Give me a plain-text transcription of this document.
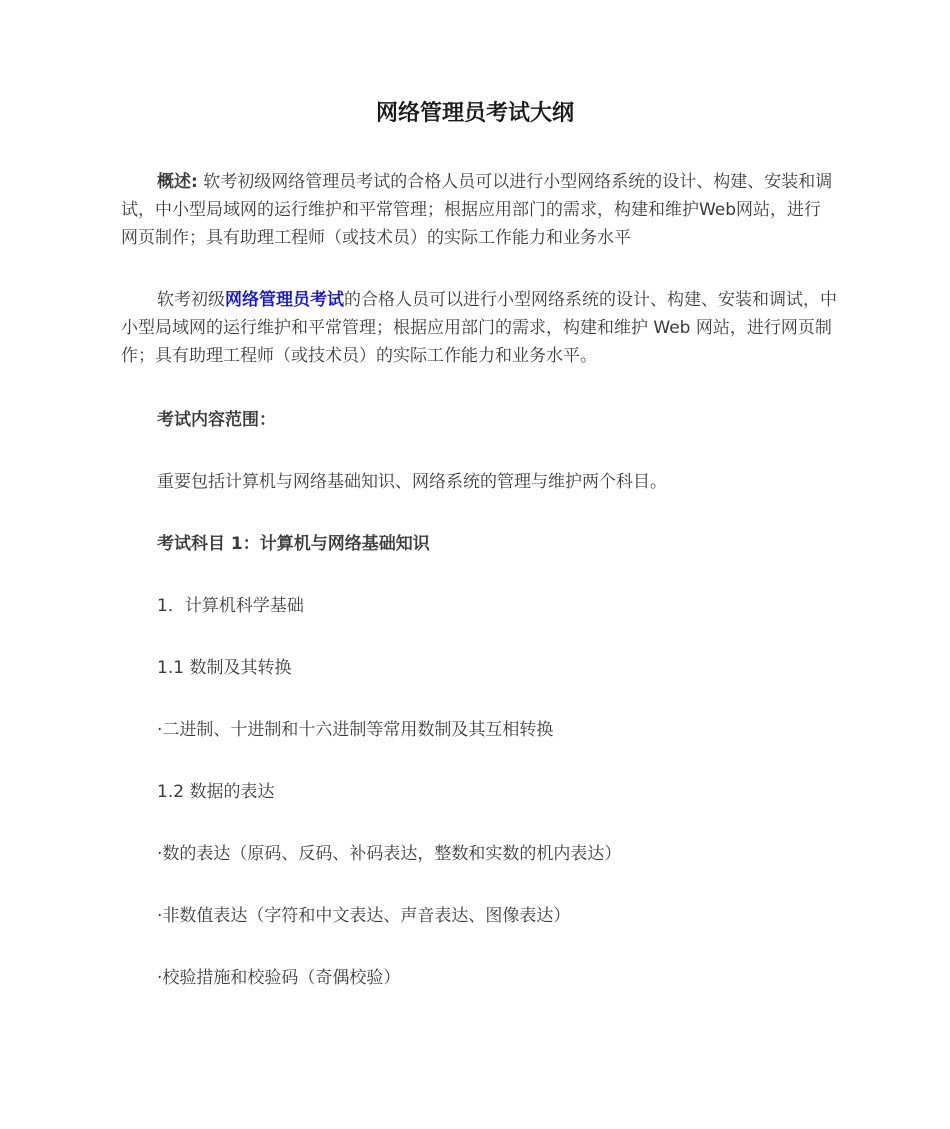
网络管理员考试大纲

概述: 软考初级网络管理员考试的合格人员可以进行小型网络系统的设计、构建、安装和调试，中小型局域网的运行维护和平常管理；根据应用部门的需求，构建和维护Web网站，进行网页制作；具有助理工程师（或技术员）的实际工作能力和业务水平

软考初级网络管理员考试的合格人员可以进行小型网络系统的设计、构建、安装和调试，中小型局域网的运行维护和平常管理；根据应用部门的需求，构建和维护 Web 网站，进行网页制作；具有助理工程师（或技术员）的实际工作能力和业务水平。

考试内容范围：

重要包括计算机与网络基础知识、网络系统的管理与维护两个科目。

考试科目 1：计算机与网络基础知识

1．计算机科学基础

1.1 数制及其转换

·二进制、十进制和十六进制等常用数制及其互相转换

1.2 数据的表达

·数的表达（原码、反码、补码表达，整数和实数的机内表达）

·非数值表达（字符和中文表达、声音表达、图像表达）

·校验措施和校验码（奇偶校验）
